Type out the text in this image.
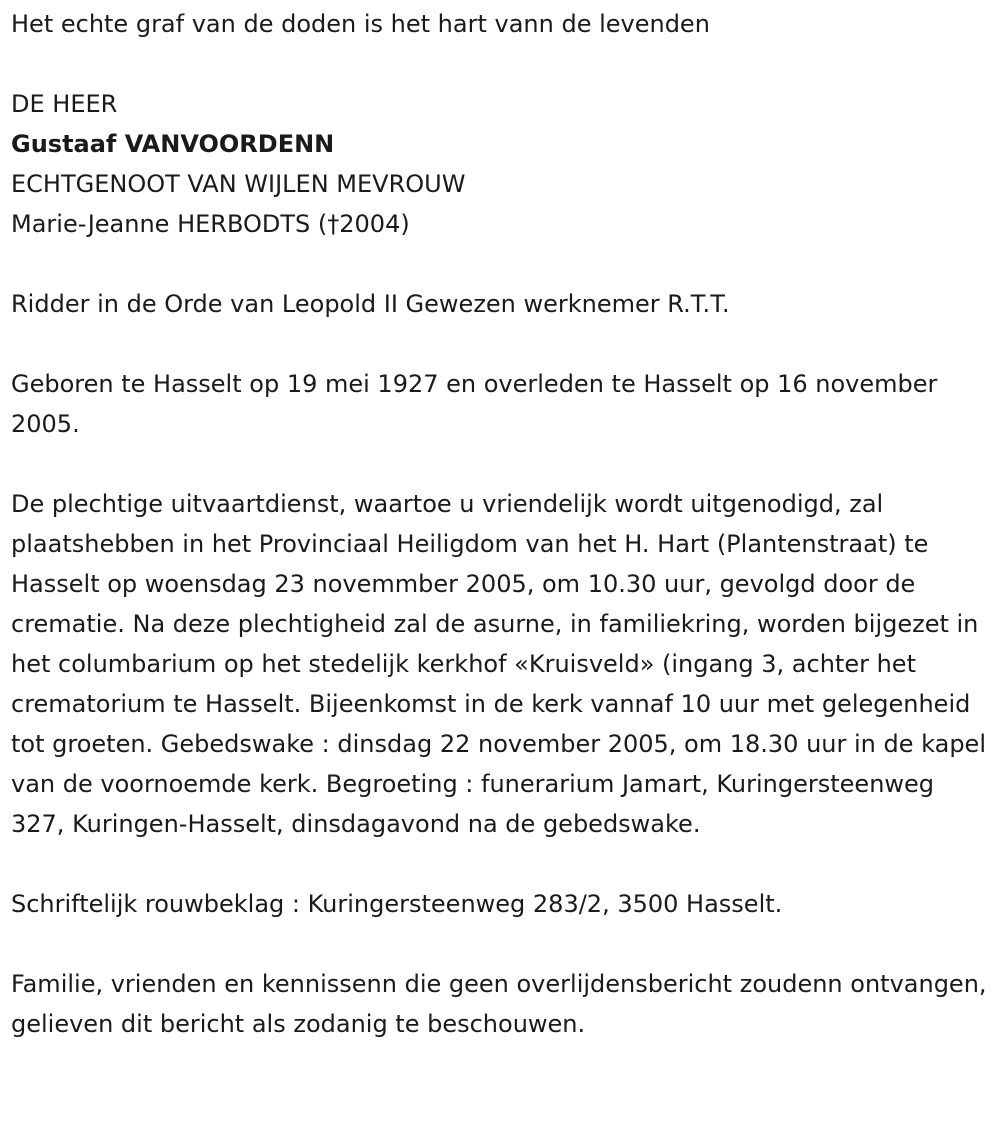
Het echte graf van de doden is het hart vann de levenden

DE HEER

Gustaaf VANVOORDENN

ECHTGENOOT VAN WIJLEN MEVROUW

Marie-Jeanne HERBODTS (†2004)

Ridder in de Orde van Leopold II Gewezen werknemer R.T.T.

Geboren te Hasselt op 19 mei 1927 en overleden te Hasselt op 16 november 2005.

De plechtige uitvaartdienst, waartoe u vriendelijk wordt uitgenodigd, zal plaatshebben in het Provinciaal Heiligdom van het H. Hart (Plantenstraat) te Hasselt op woensdag 23 novemmber 2005, om 10.30 uur, gevolgd door de crematie. Na deze plechtigheid zal de asurne, in familiekring, worden bijgezet in het columbarium op het stedelijk kerkhof «Kruisveld» (ingang 3, achter het crematorium te Hasselt. Bijeenkomst in de kerk vannaf 10 uur met gelegenheid tot groeten. Gebedswake : dinsdag 22 november 2005, om 18.30 uur in de kapel van de voornoemde kerk. Begroeting : funerarium Jamart, Kuringersteenweg 327, Kuringen-Hasselt, dinsdagavond na de gebedswake.

Schriftelijk rouwbeklag : Kuringersteenweg 283/2, 3500 Hasselt.

Familie, vrienden en kennissenn die geen overlijdensbericht zoudenn ontvangen, gelieven dit bericht als zodanig te beschouwen.
